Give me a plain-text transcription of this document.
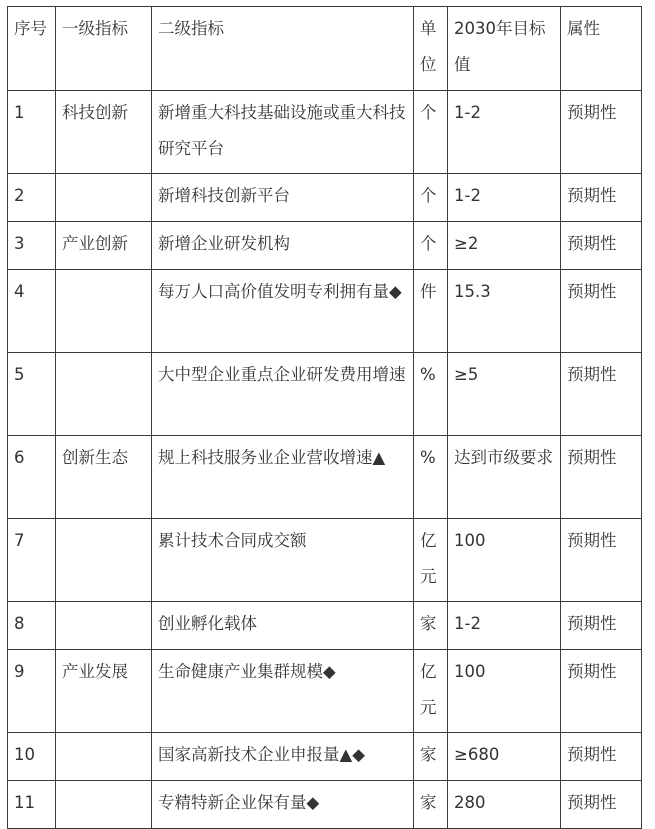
序号	一级指标	二级指标	单位	2030年目标值	属性
1	科技创新	新增重大科技基础设施或重大科技研究平台	个	1-2	预期性
2		新增科技创新平台	个	1-2	预期性
3	产业创新	新增企业研发机构	个	≥2	预期性
4		每万人口高价值发明专利拥有量◆	件	15.3	预期性
5		大中型企业重点企业研发费用增速	%	≥5	预期性
6	创新生态	规上科技服务业企业营收增速▲	%	达到市级要求	预期性
7		累计技术合同成交额	亿元	100	预期性
8		创业孵化载体	家	1-2	预期性
9	产业发展	生命健康产业集群规模◆	亿元	100	预期性
10		国家高新技术企业申报量▲◆	家	≥680	预期性
11		专精特新企业保有量◆	家	280	预期性
